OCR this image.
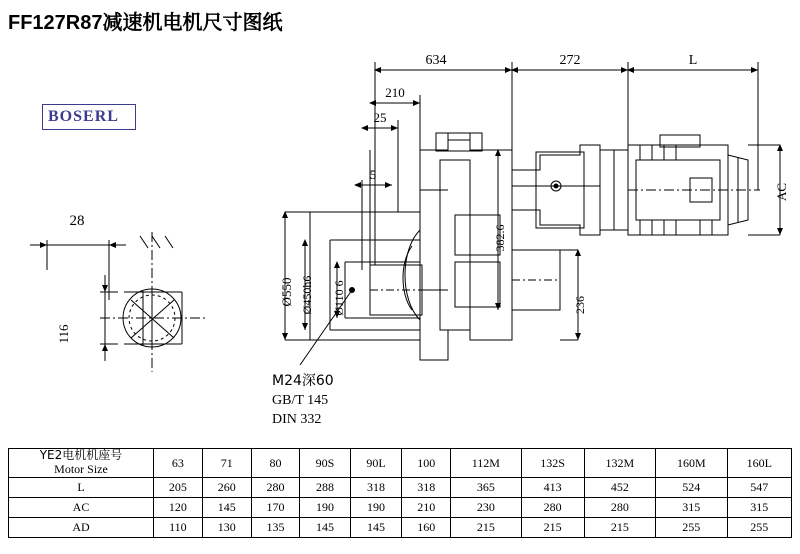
FF127R87减速机电机尺寸图纸
BOSERL
634	272	L
210
25
5
28
116
Ø550 Ø450h6 Ø110 6
382.6
236
AC
M24深60
GB/T 145
DIN 332
YE2电机机座号
Motor Size	63	71	80	90S	90L	100	112M	132S	132M	160M	160L
L	205	260	280	288	318	318	365	413	452	524	547
AC	120	145	170	190	190	210	230	280	280	315	315
AD	110	130	135	145	145	160	215	215	215	255	255
